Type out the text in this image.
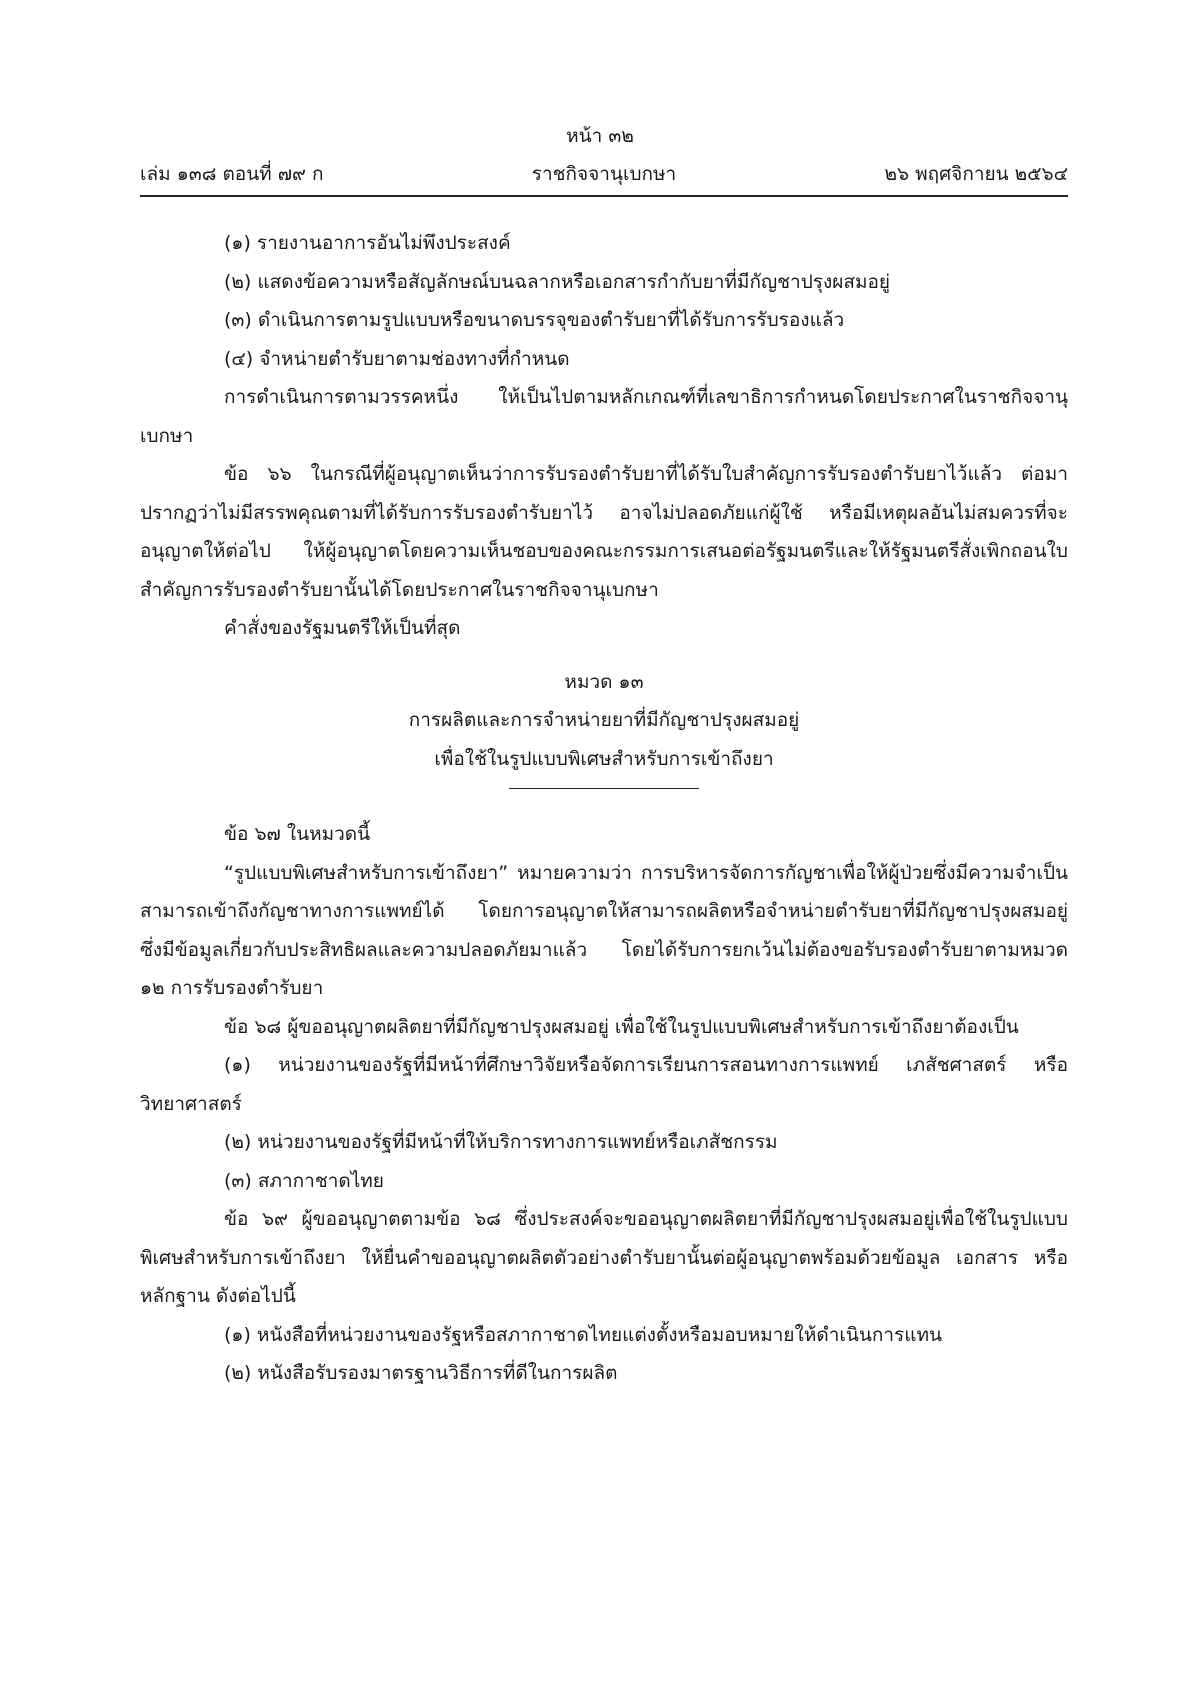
หน้า ๓๒
ราชกิจจานุเบกษา
เล่ม ๑๓๘ ตอนที่ ๗๙ ก	๒๖ พฤศจิกายน ๒๕๖๔

(๑) รายงานอาการอันไม่พึงประสงค์

(๒) แสดงข้อความหรือสัญลักษณ์บนฉลากหรือเอกสารกำกับยาที่มีกัญชาปรุงผสมอยู่

(๓) ดำเนินการตามรูปแบบหรือขนาดบรรจุของตำรับยาที่ได้รับการรับรองแล้ว

(๔) จำหน่ายตำรับยาตามช่องทางที่กำหนด

การดำเนินการตามวรรคหนึ่ง ให้เป็นไปตามหลักเกณฑ์ที่เลขาธิการกำหนดโดยประกาศในราชกิจจานุเบกษา

ข้อ ๖๖ ในกรณีที่ผู้อนุญาตเห็นว่าการรับรองตำรับยาที่ได้รับใบสำคัญการรับรองตำรับยาไว้แล้ว ต่อมาปรากฏว่าไม่มีสรรพคุณตามที่ได้รับการรับรองตำรับยาไว้ อาจไม่ปลอดภัยแก่ผู้ใช้ หรือมีเหตุผลอันไม่สมควรที่จะอนุญาตให้ต่อไป ให้ผู้อนุญาตโดยความเห็นชอบของคณะกรรมการเสนอต่อรัฐมนตรีและให้รัฐมนตรีสั่งเพิกถอนใบสำคัญการรับรองตำรับยานั้นได้โดยประกาศในราชกิจจานุเบกษา

คำสั่งของรัฐมนตรีให้เป็นที่สุด

หมวด ๑๓

การผลิตและการจำหน่ายยาที่มีกัญชาปรุงผสมอยู่

เพื่อใช้ในรูปแบบพิเศษสำหรับการเข้าถึงยา

ข้อ ๖๗ ในหมวดนี้

“รูปแบบพิเศษสำหรับการเข้าถึงยา” หมายความว่า การบริหารจัดการกัญชาเพื่อให้ผู้ป่วยซึ่งมีความจำเป็นสามารถเข้าถึงกัญชาทางการแพทย์ได้ โดยการอนุญาตให้สามารถผลิตหรือจำหน่ายตำรับยาที่มีกัญชาปรุงผสมอยู่ ซึ่งมีข้อมูลเกี่ยวกับประสิทธิผลและความปลอดภัยมาแล้ว โดยได้รับการยกเว้นไม่ต้องขอรับรองตำรับยาตามหมวด ๑๒ การรับรองตำรับยา

ข้อ ๖๘ ผู้ขออนุญาตผลิตยาที่มีกัญชาปรุงผสมอยู่ เพื่อใช้ในรูปแบบพิเศษสำหรับการเข้าถึงยาต้องเป็น

(๑) หน่วยงานของรัฐที่มีหน้าที่ศึกษาวิจัยหรือจัดการเรียนการสอนทางการแพทย์ เภสัชศาสตร์ หรือวิทยาศาสตร์

(๒) หน่วยงานของรัฐที่มีหน้าที่ให้บริการทางการแพทย์หรือเภสัชกรรม

(๓) สภากาชาดไทย

ข้อ ๖๙ ผู้ขออนุญาตตามข้อ ๖๘ ซึ่งประสงค์จะขออนุญาตผลิตยาที่มีกัญชาปรุงผสมอยู่เพื่อใช้ในรูปแบบพิเศษสำหรับการเข้าถึงยา ให้ยื่นคำขออนุญาตผลิตตัวอย่างตำรับยานั้นต่อผู้อนุญาตพร้อมด้วยข้อมูล เอกสาร หรือหลักฐาน ดังต่อไปนี้

(๑) หนังสือที่หน่วยงานของรัฐหรือสภากาชาดไทยแต่งตั้งหรือมอบหมายให้ดำเนินการแทน

(๒) หนังสือรับรองมาตรฐานวิธีการที่ดีในการผลิต
